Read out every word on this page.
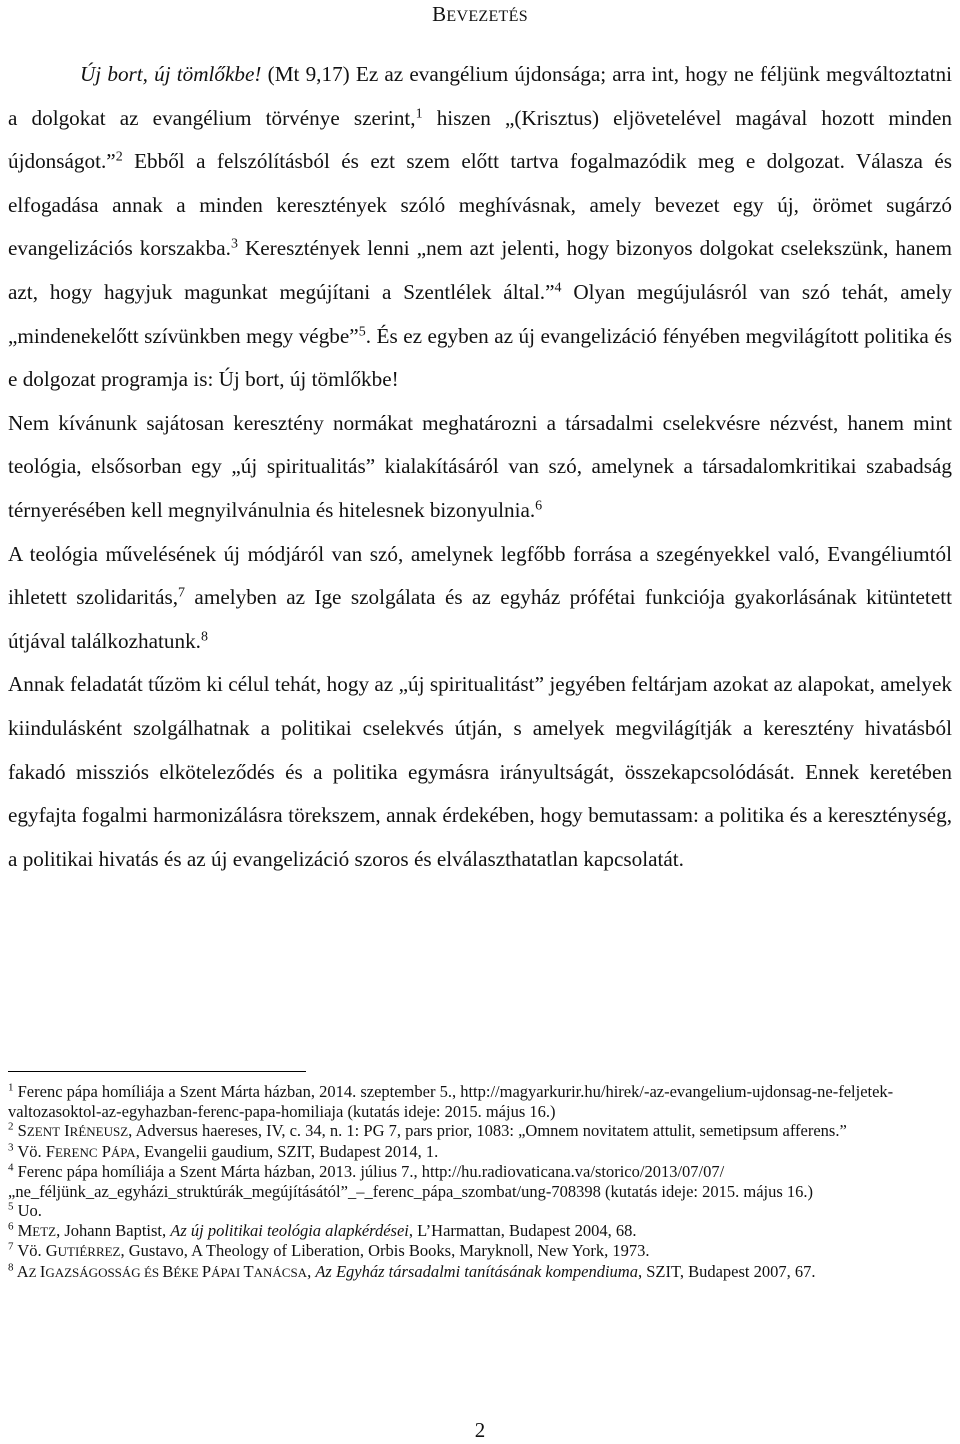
BEVEZETÉS

Új bort, új tömlőkbe! (Mt 9,17) Ez az evangélium újdonsága; arra int, hogy ne féljünk megváltoztatni a dolgokat az evangélium törvénye szerint,$^1$ hiszen „(Krisztus) eljövetelével magával hozott minden újdonságot.”$^2$ Ebből a felszólításból és ezt szem előtt tartva fogalmazódik meg e dolgozat. Válasza és elfogadása annak a minden keresztények szóló meghívásnak, amely bevezet egy új, örömet sugárzó evangelizációs korszakba.$^3$ Keresztények lenni „nem azt jelenti, hogy bizonyos dolgokat cselekszünk, hanem azt, hogy hagyjuk magunkat megújítani a Szentlélek által.”$^4$ Olyan megújulásról van szó tehát, amely „mindenekelőtt szívünkben megy végbe”$^5$. És ez egyben az új evangelizáció fényében megvilágított politika és e dolgozat programja is: Új bort, új tömlőkbe!

Nem kívánunk sajátosan keresztény normákat meghatározni a társadalmi cselekvésre nézvést, hanem mint teológia, elsősorban egy „új spiritualitás” kialakításáról van szó, amelynek a társadalomkritikai szabadság térnyerésében kell megnyilvánulnia és hitelesnek bizonyulnia.$^6$

A teológia művelésének új módjáról van szó, amelynek legfőbb forrása a szegényekkel való, Evangéliumtól ihletett szolidaritás,$^7$ amelyben az Ige szolgálata és az egyház prófétai funkciója gyakorlásának kitüntetett útjával találkozhatunk.$^8$

Annak feladatát tűzöm ki célul tehát, hogy az „új spiritualitást” jegyében feltárjam azokat az alapokat, amelyek kiindulásként szolgálhatnak a politikai cselekvés útján, s amelyek megvilágítják a keresztény hivatásból fakadó missziós elköteleződés és a politika egymásra irányultságát, összekapcsolódását. Ennek keretében egyfajta fogalmi harmonizálásra törekszem, annak érdekében, hogy bemutassam: a politika és a kereszténység, a politikai hivatás és az új evangelizáció szoros és elválaszthatatlan kapcsolatát.

$^1$ Ferenc pápa homíliája a Szent Márta házban, 2014. szeptember 5., http://magyarkurir.hu/hirek/-az-evangelium-ujdonsag-ne-feljetek-valtozasoktol-az-egyhazban-ferenc-papa-homiliaja (kutatás ideje: 2015. május 16.)

$^2$ SZENT IRÉNEUSZ, Adversus haereses, IV, c. 34, n. 1: PG 7, pars prior, 1083: „Omnem novitatem attulit, semetipsum afferens.”

$^3$ Vö. FERENC PÁPA, Evangelii gaudium, SZIT, Budapest 2014, 1.

$^4$ Ferenc pápa homíliája a Szent Márta házban, 2013. július 7., http://hu.radiovaticana.va/storico/2013/07/07/ „ne_féljünk_az_egyházi_struktúrák_megújításától”_–_ferenc_pápa_szombat/ung-708398 (kutatás ideje: 2015. május 16.)

$^5$ Uo.

$^6$ METZ, Johann Baptist, Az új politikai teológia alapkérdései, L’Harmattan, Budapest 2004, 68.

$^7$ Vö. GUTIÉRREZ, Gustavo, A Theology of Liberation, Orbis Books, Maryknoll, New York, 1973.

$^8$ AZ IGAZSÁGOSSÁG ÉS BÉKE PÁPAI TANÁCSA, Az Egyház társadalmi tanításának kompendiuma, SZIT, Budapest 2007, 67.

2
